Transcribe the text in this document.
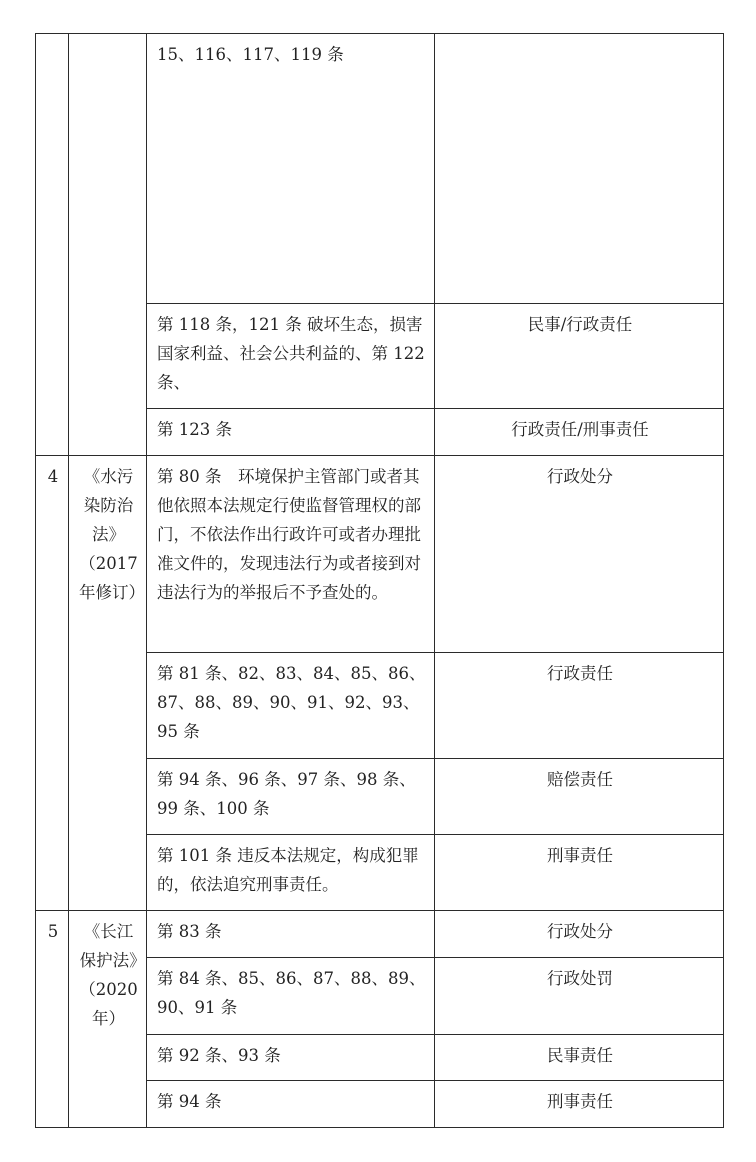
		15、116、117、119 条	
		第 118 条，121 条 破坏生态，损害国家利益、社会公共利益的、第 122 条、	民事/行政责任
		第 123 条	行政责任/刑事责任
4	《水污染防治法》（2017年修订）	第 80 条　环境保护主管部门或者其他依照本法规定行使监督管理权的部门，不依法作出行政许可或者办理批准文件的，发现违法行为或者接到对违法行为的举报后不予查处的。	行政处分
		第 81 条、82、83、84、85、86、87、88、89、90、91、92、93、95 条	行政责任
		第 94 条、96 条、97 条、98 条、99 条、100 条	赔偿责任
		第 101 条 违反本法规定，构成犯罪的，依法追究刑事责任。	刑事责任
5	《长江保护法》（2020年）	第 83 条	行政处分
		第 84 条、85、86、87、88、89、90、91 条	行政处罚
		第 92 条、93 条	民事责任
		第 94 条	刑事责任
